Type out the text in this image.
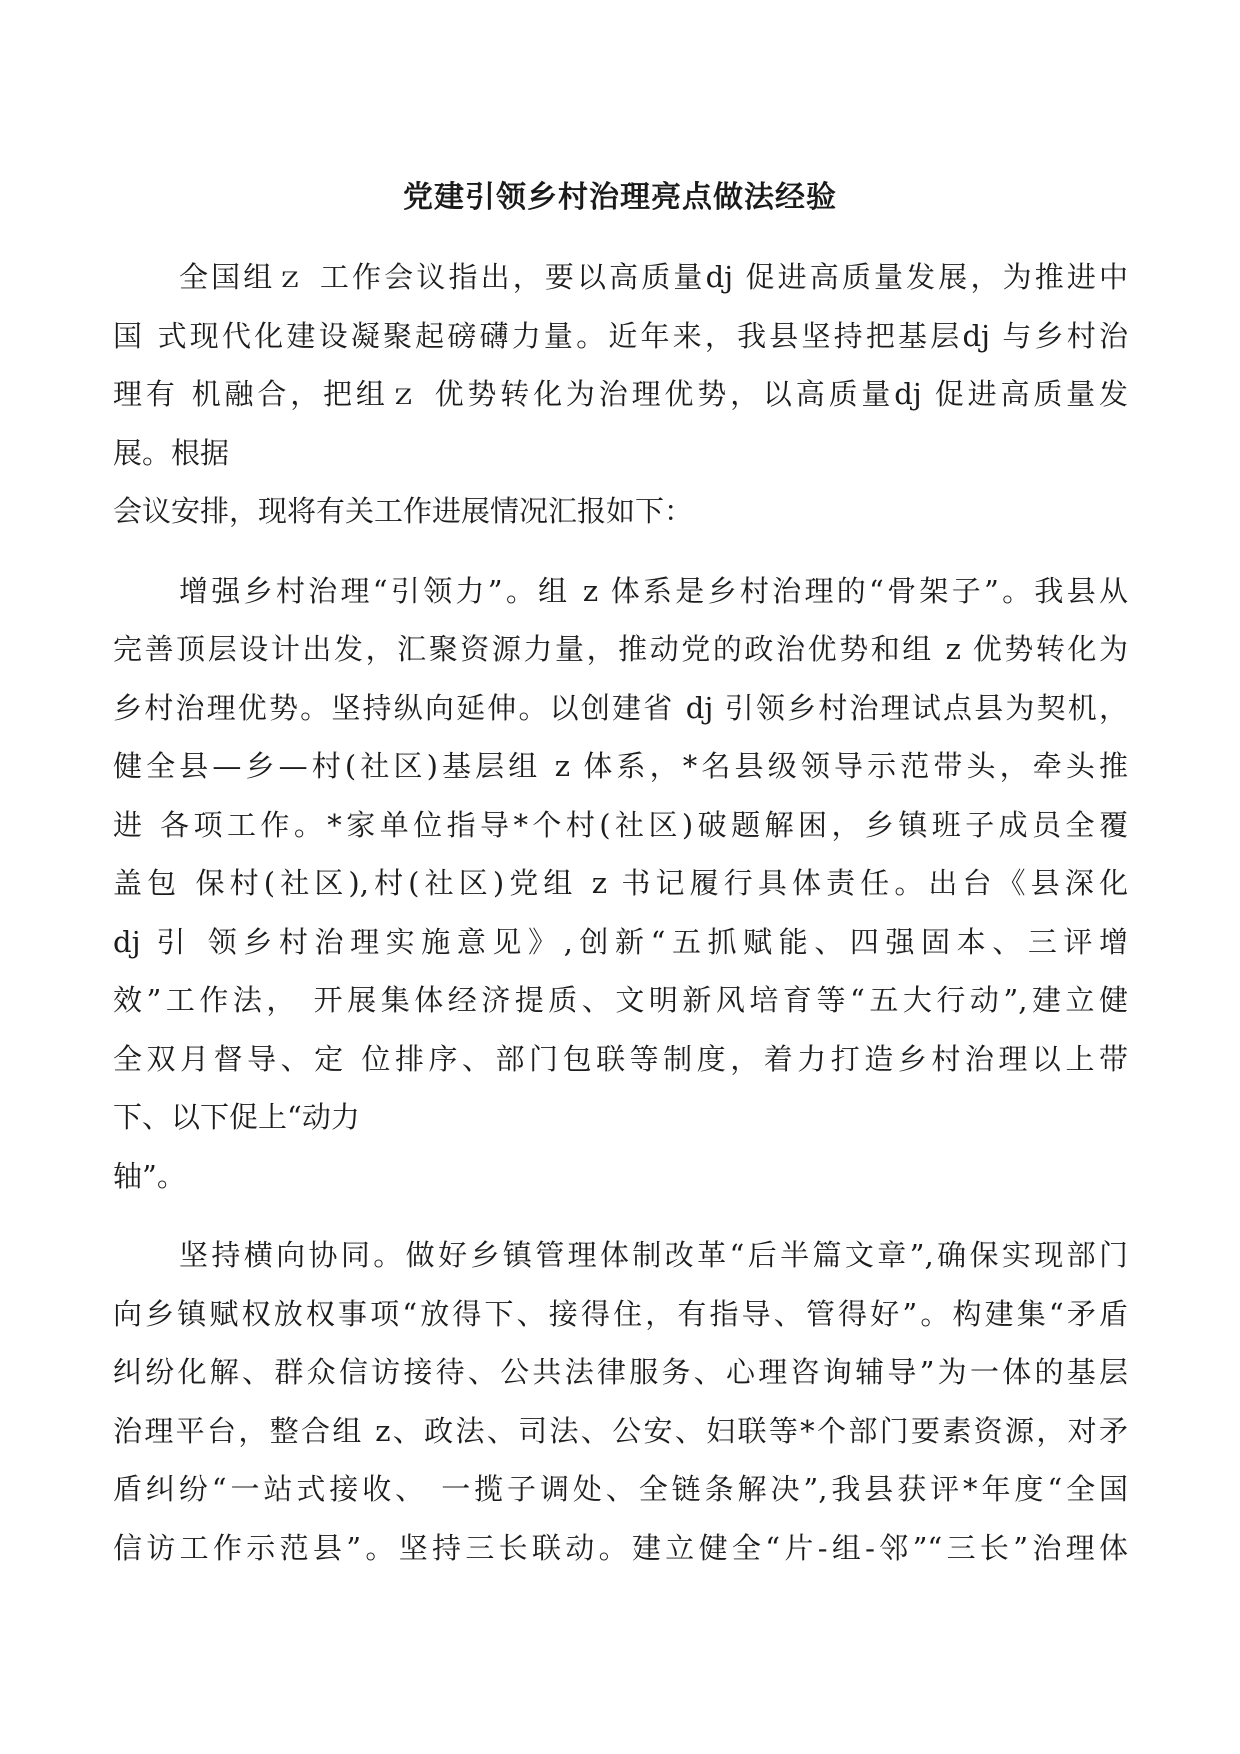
党建引领乡村治理亮点做法经验
全国组ｚ 工作会议指出，要以高质量dj 促进高质量发展，为推进中
国 式现代化建设凝聚起磅礴力量。近年来，我县坚持把基层dj 与乡村治
理有 机融合，把组ｚ 优势转化为治理优势，以高质量dj 促进高质量发
展。根据
会议安排，现将有关工作进展情况汇报如下：
增强乡村治理“引领力”。组 z 体系是乡村治理的“骨架子”。我县从
完善顶层设计出发，汇聚资源力量，推动党的政治优势和组 z 优势转化为
乡村治理优势。坚持纵向延伸。以创建省 dj 引领乡村治理试点县为契机，
健全县—乡—村(社区)基层组 z 体系，*名县级领导示范带头，牵头推
进 各项工作。*家单位指导*个村(社区)破题解困，乡镇班子成员全覆
盖包 保村(社区),村(社区)党组 z 书记履行具体责任。出台《县深化
dj 引 领乡村治理实施意见》,创新“五抓赋能、四强固本、三评增
效”工作法， 开展集体经济提质、文明新风培育等“五大行动”,建立健
全双月督导、定 位排序、部门包联等制度，着力打造乡村治理以上带
下、以下促上“动力
轴”。
坚持横向协同。做好乡镇管理体制改革“后半篇文章”,确保实现部门
向乡镇赋权放权事项“放得下、接得住，有指导、管得好”。构建集“矛盾
纠纷化解、群众信访接待、公共法律服务、心理咨询辅导”为一体的基层
治理平台，整合组 z、政法、司法、公安、妇联等*个部门要素资源，对矛
盾纠纷“一站式接收、 一揽子调处、全链条解决”,我县获评*年度“全国
信访工作示范县”。坚持三长联动。建立健全“片-组-邻”“三长”治理体
